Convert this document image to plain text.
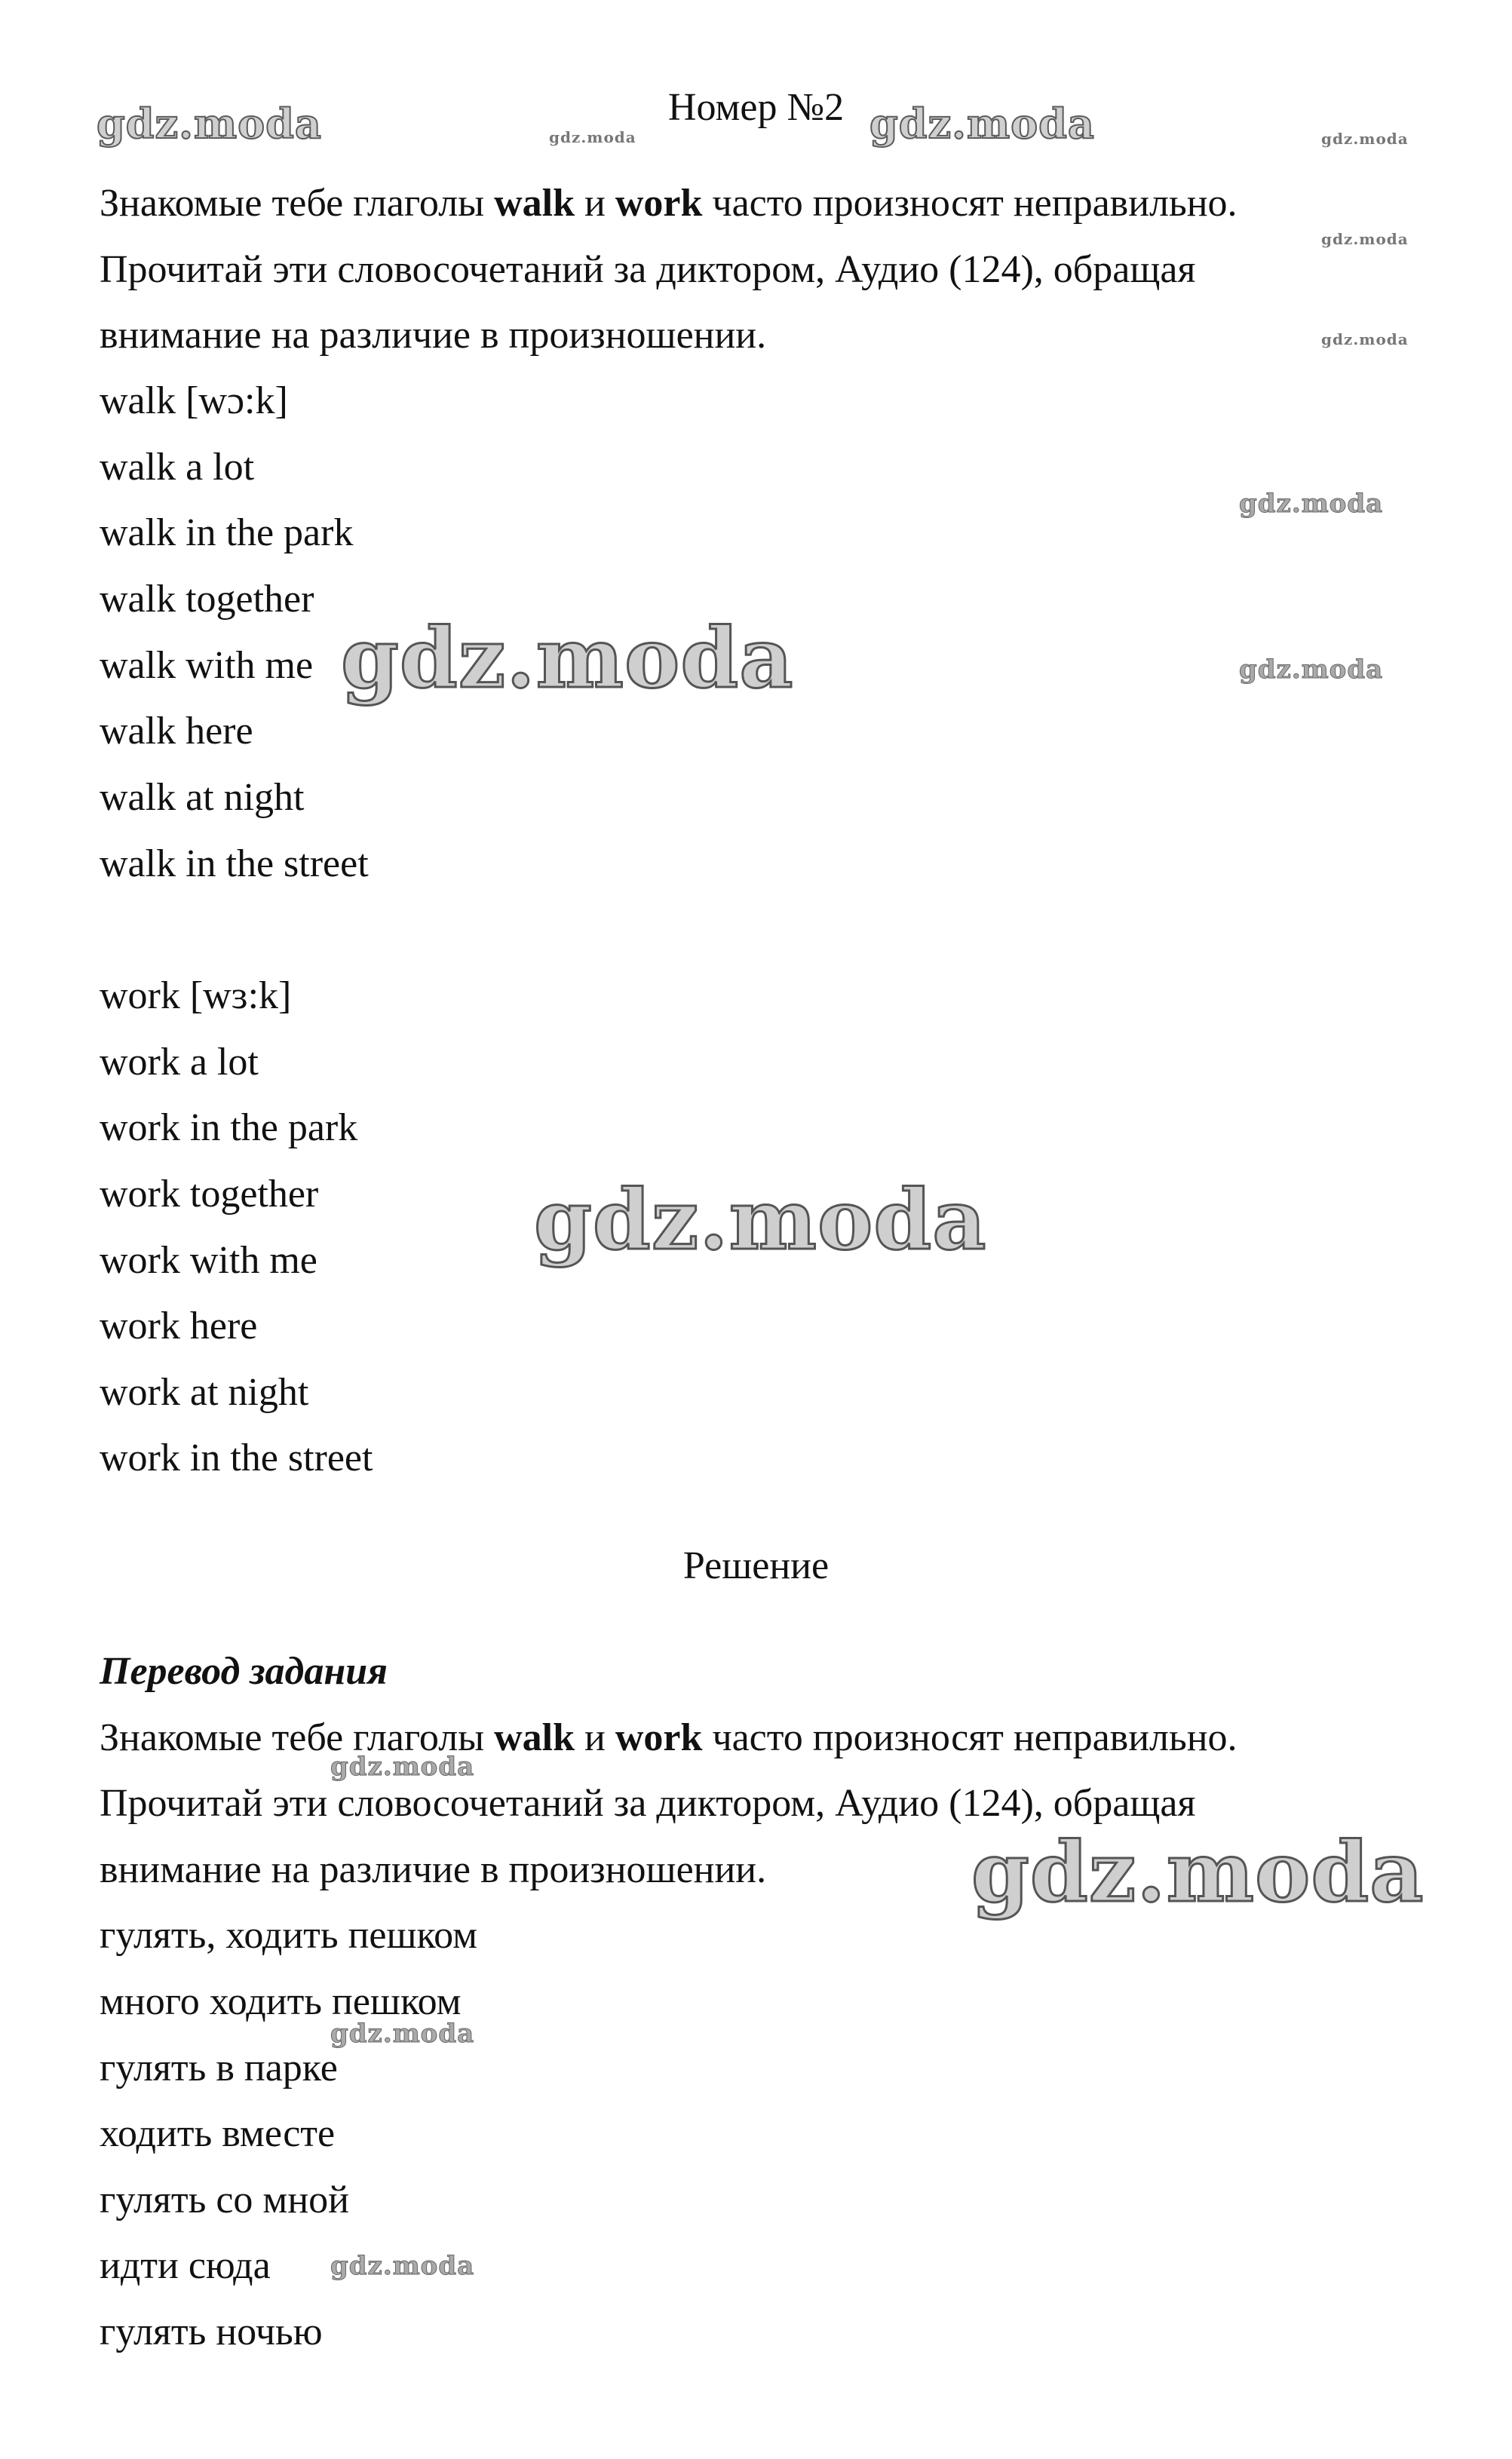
Номер №2
Знакомые тебе глаголы walk и work часто произносят неправильно.
Прочитай эти словосочетаний за диктором, Аудио (124), обращая
внимание на различие в произношении.
walk [wɔ:k]
walk a lot
walk in the park
walk together
walk with me
walk here
walk at night
walk in the street
work [wɜ:k]
work a lot
work in the park
work together
work with me
work here
work at night
work in the street
Решение
Перевод задания
Знакомые тебе глаголы walk и work часто произносят неправильно.
Прочитай эти словосочетаний за диктором, Аудио (124), обращая
внимание на различие в произношении.
гулять, ходить пешком
много ходить пешком
гулять в парке
ходить вместе
гулять со мной
идти сюда
гулять ночью
gdz.moda	gdz.moda	gdz.moda	gdz.moda
gdz.moda
gdz.moda
gdz.moda
gdz.moda
gdz.moda
gdz.moda
gdz.moda
gdz.moda
gdz.moda
gdz.moda
